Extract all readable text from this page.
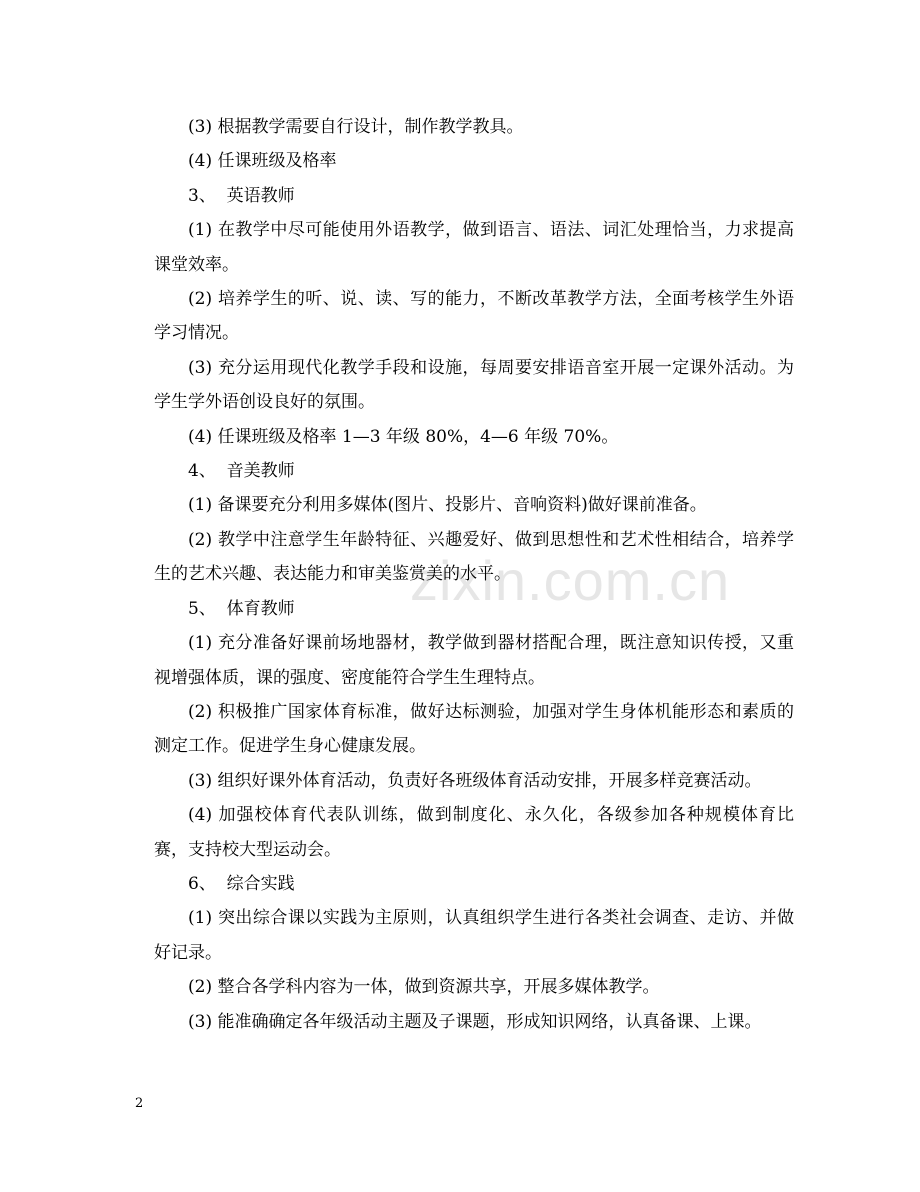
zixin.com.cn

(3) 根据教学需要自行设计，制作教学教具。

(4) 任课班级及格率

3、  英语教师

(1) 在教学中尽可能使用外语教学，做到语言、语法、词汇处理恰当，力求提高课堂效率。

(2) 培养学生的听、说、读、写的能力，不断改革教学方法，全面考核学生外语学习情况。

(3) 充分运用现代化教学手段和设施，每周要安排语音室开展一定课外活动。为学生学外语创设良好的氛围。

(4) 任课班级及格率 1—3 年级 80%，4—6 年级 70%。

4、  音美教师

(1) 备课要充分利用多媒体(图片、投影片、音响资料)做好课前准备。

(2) 教学中注意学生年龄特征、兴趣爱好、做到思想性和艺术性相结合，培养学生的艺术兴趣、表达能力和审美鉴赏美的水平。

5、  体育教师

(1) 充分准备好课前场地器材，教学做到器材搭配合理，既注意知识传授，又重视增强体质，课的强度、密度能符合学生生理特点。

(2) 积极推广国家体育标准，做好达标测验，加强对学生身体机能形态和素质的测定工作。促进学生身心健康发展。

(3) 组织好课外体育活动，负责好各班级体育活动安排，开展多样竞赛活动。

(4) 加强校体育代表队训练，做到制度化、永久化，各级参加各种规模体育比赛，支持校大型运动会。

6、  综合实践

(1) 突出综合课以实践为主原则，认真组织学生进行各类社会调查、走访、并做好记录。

(2) 整合各学科内容为一体，做到资源共享，开展多媒体教学。

(3) 能准确确定各年级活动主题及子课题，形成知识网络，认真备课、上课。

2
